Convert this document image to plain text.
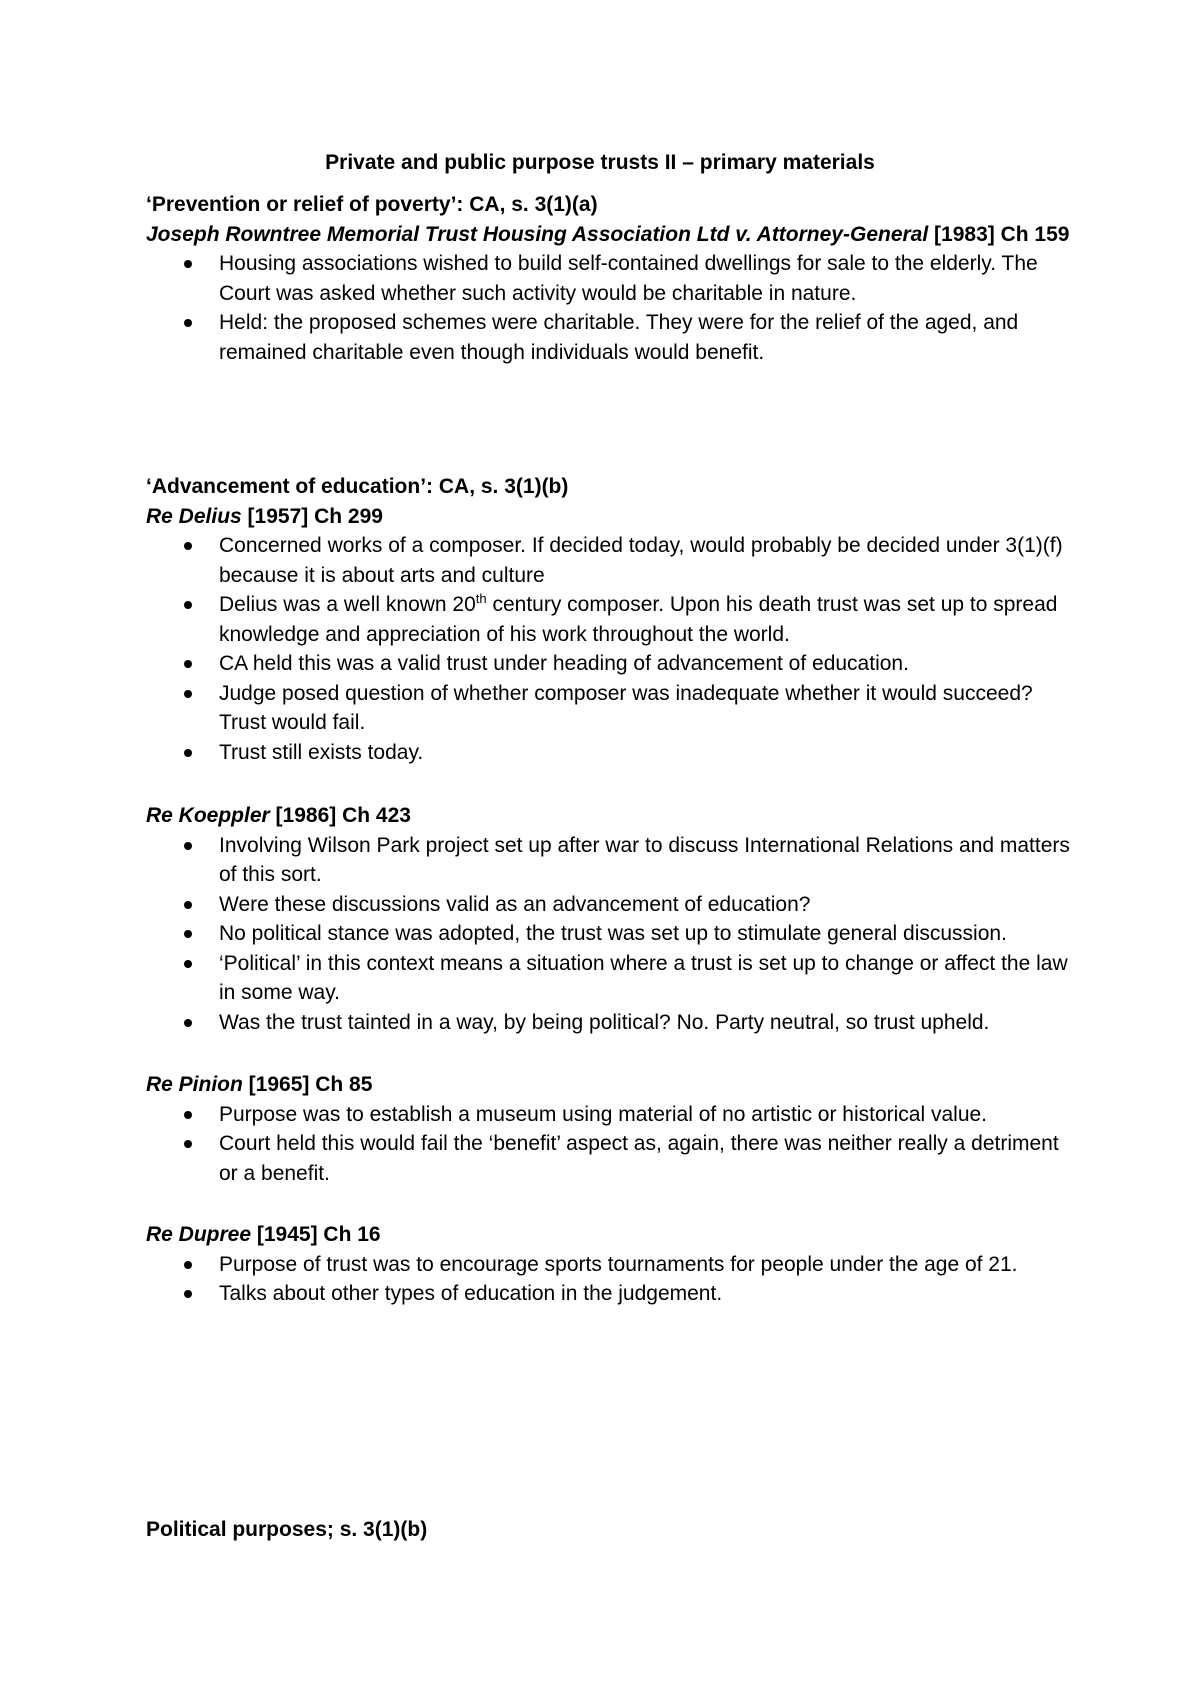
Private and public purpose trusts II – primary materials

‘Prevention or relief of poverty’: CA, s. 3(1)(a)

Joseph Rowntree Memorial Trust Housing Association Ltd v. Attorney-General [1983] Ch 159

Housing associations wished to build self-contained dwellings for sale to the elderly. The Court was asked whether such activity would be charitable in nature.
Held: the proposed schemes were charitable. They were for the relief of the aged, and remained charitable even though individuals would benefit.

‘Advancement of education’: CA, s. 3(1)(b)

Re Delius [1957] Ch 299

Concerned works of a composer. If decided today, would probably be decided under 3(1)(f) because it is about arts and culture
Delius was a well known 20th century composer. Upon his death trust was set up to spread knowledge and appreciation of his work throughout the world.
CA held this was a valid trust under heading of advancement of education.
Judge posed question of whether composer was inadequate whether it would succeed? Trust would fail.
Trust still exists today.

Re Koeppler [1986] Ch 423

Involving Wilson Park project set up after war to discuss International Relations and matters of this sort.
Were these discussions valid as an advancement of education?
No political stance was adopted, the trust was set up to stimulate general discussion.
‘Political’ in this context means a situation where a trust is set up to change or affect the law in some way.
Was the trust tainted in a way, by being political? No. Party neutral, so trust upheld.

Re Pinion [1965] Ch 85

Purpose was to establish a museum using material of no artistic or historical value.
Court held this would fail the ‘benefit’ aspect as, again, there was neither really a detriment or a benefit.

Re Dupree [1945] Ch 16

Purpose of trust was to encourage sports tournaments for people under the age of 21.
Talks about other types of education in the judgement.

Political purposes; s. 3(1)(b)
